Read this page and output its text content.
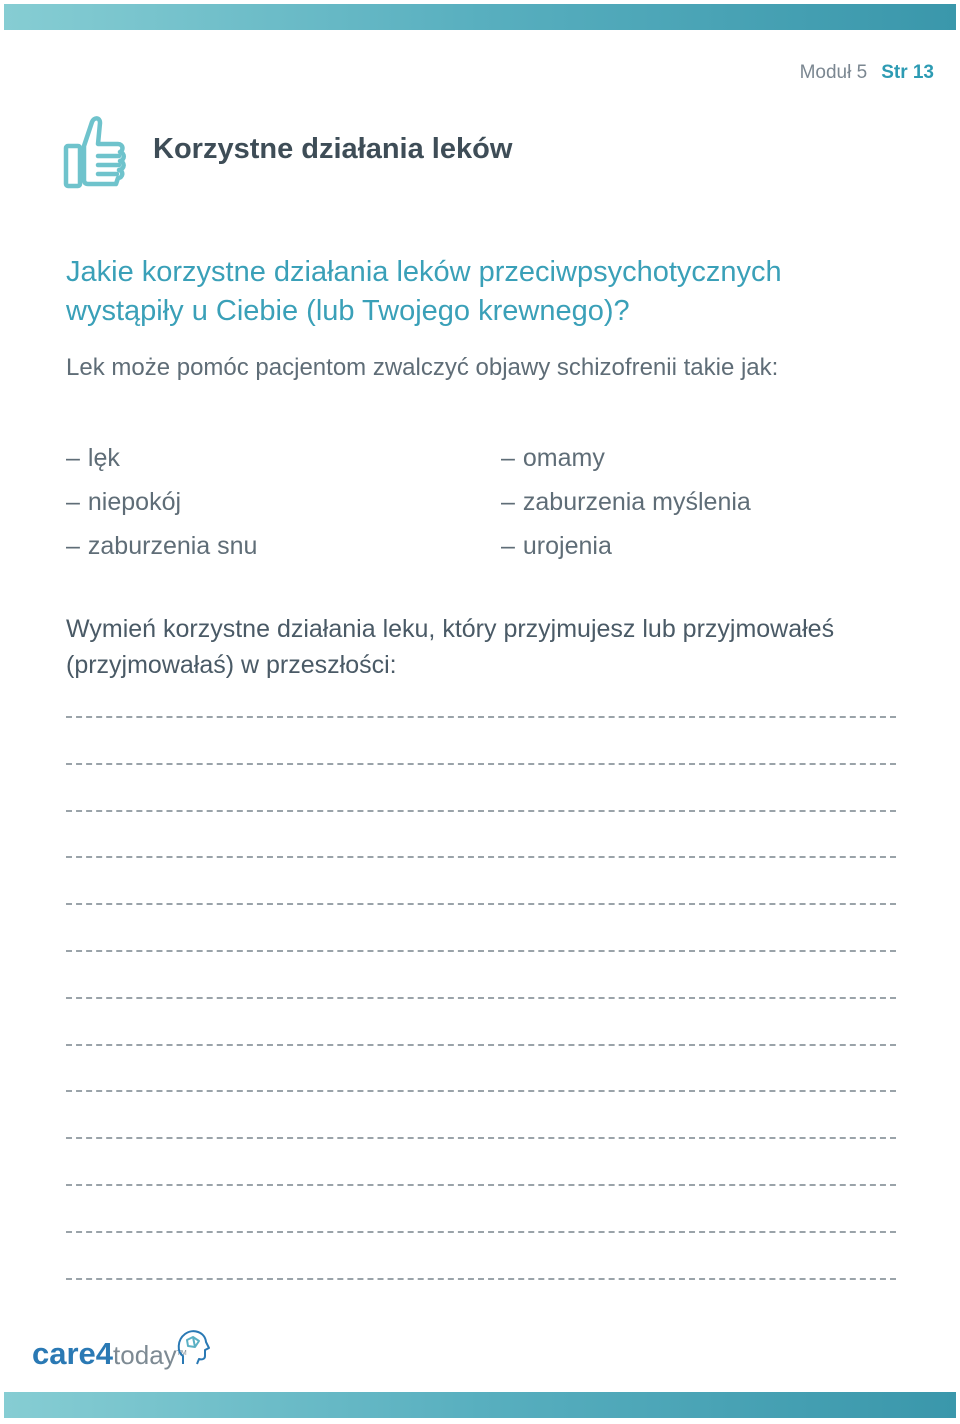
Moduł 5 Str 13
Korzystne działania leków

Jakie korzystne działania leków przeciwpsychotycznych
wystąpiły u Ciebie (lub Twojego krewnego)?

Lek może pomóc pacjentom zwalczyć objawy schizofrenii takie jak:

– lęk
– niepokój
– zaburzenia snu
– omamy
– zaburzenia myślenia
– urojenia

Wymień korzystne działania leku, który przyjmujesz lub przyjmowałeś
(przyjmowałaś) w przeszłości:

care4today™
